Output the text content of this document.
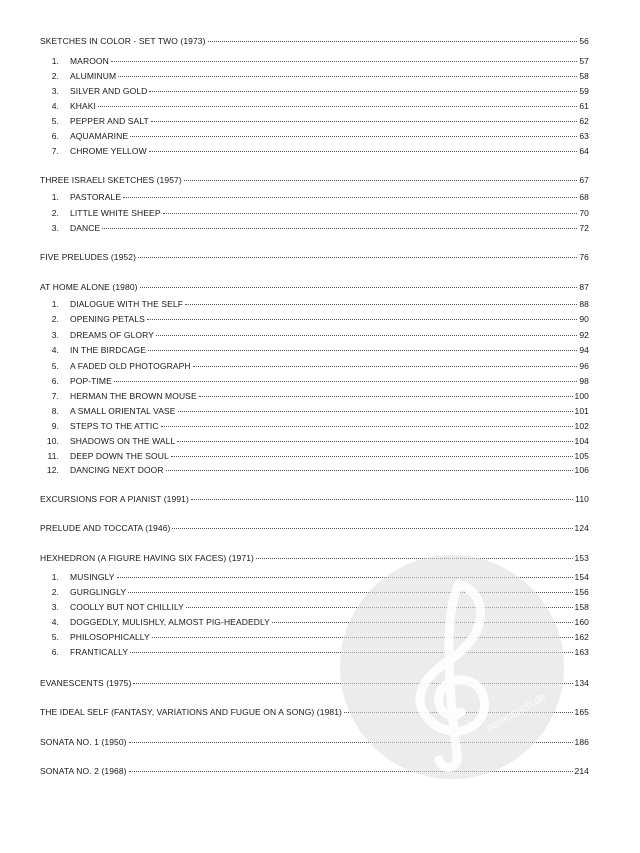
SKETCHES IN COLOR - SET TWO (1973)	56
1. MAROON	57
2. ALUMINUM	58
3. SILVER AND GOLD	59
4. KHAKI	61
5. PEPPER AND SALT	62
6. AQUAMARINE	63
7. CHROME YELLOW	64
THREE ISRAELI SKETCHES (1957)	67
1. PASTORALE	68
2. LITTLE WHITE SHEEP	70
3. DANCE	72
FIVE PRELUDES (1952)	76
AT HOME ALONE (1980)	87
1. DIALOGUE WITH THE SELF	88
2. OPENING PETALS	90
3. DREAMS OF GLORY	92
4. IN THE BIRDCAGE	94
5. A FADED OLD PHOTOGRAPH	96
6. POP-TIME	98
7. HERMAN THE BROWN MOUSE	100
8. A SMALL ORIENTAL VASE	101
9. STEPS TO THE ATTIC	102
10. SHADOWS ON THE WALL	104
11. DEEP DOWN THE SOUL	105
12. DANCING NEXT DOOR	106
EXCURSIONS FOR A PIANIST (1991)	110
PRELUDE AND TOCCATA (1946)	124
HEXHEDRON (A FIGURE HAVING SIX FACES) (1971)	153
1. MUSINGLY	154
2. GURGLINGLY	156
3. COOLLY BUT NOT CHILLILY	158
4. DOGGEDLY, MULISHLY, ALMOST PIG-HEADEDLY	160
5. PHILOSOPHICALLY	162
6. FRANTICALLY	163
EVANESCENTS (1975)	134
THE IDEAL SELF (FANTASY, VARIATIONS AND FUGUE ON A SONG) (1981)	165
SONATA NO. 1 (1950)	186
SONATA NO. 2 (1968)	214
notenbuch.de
